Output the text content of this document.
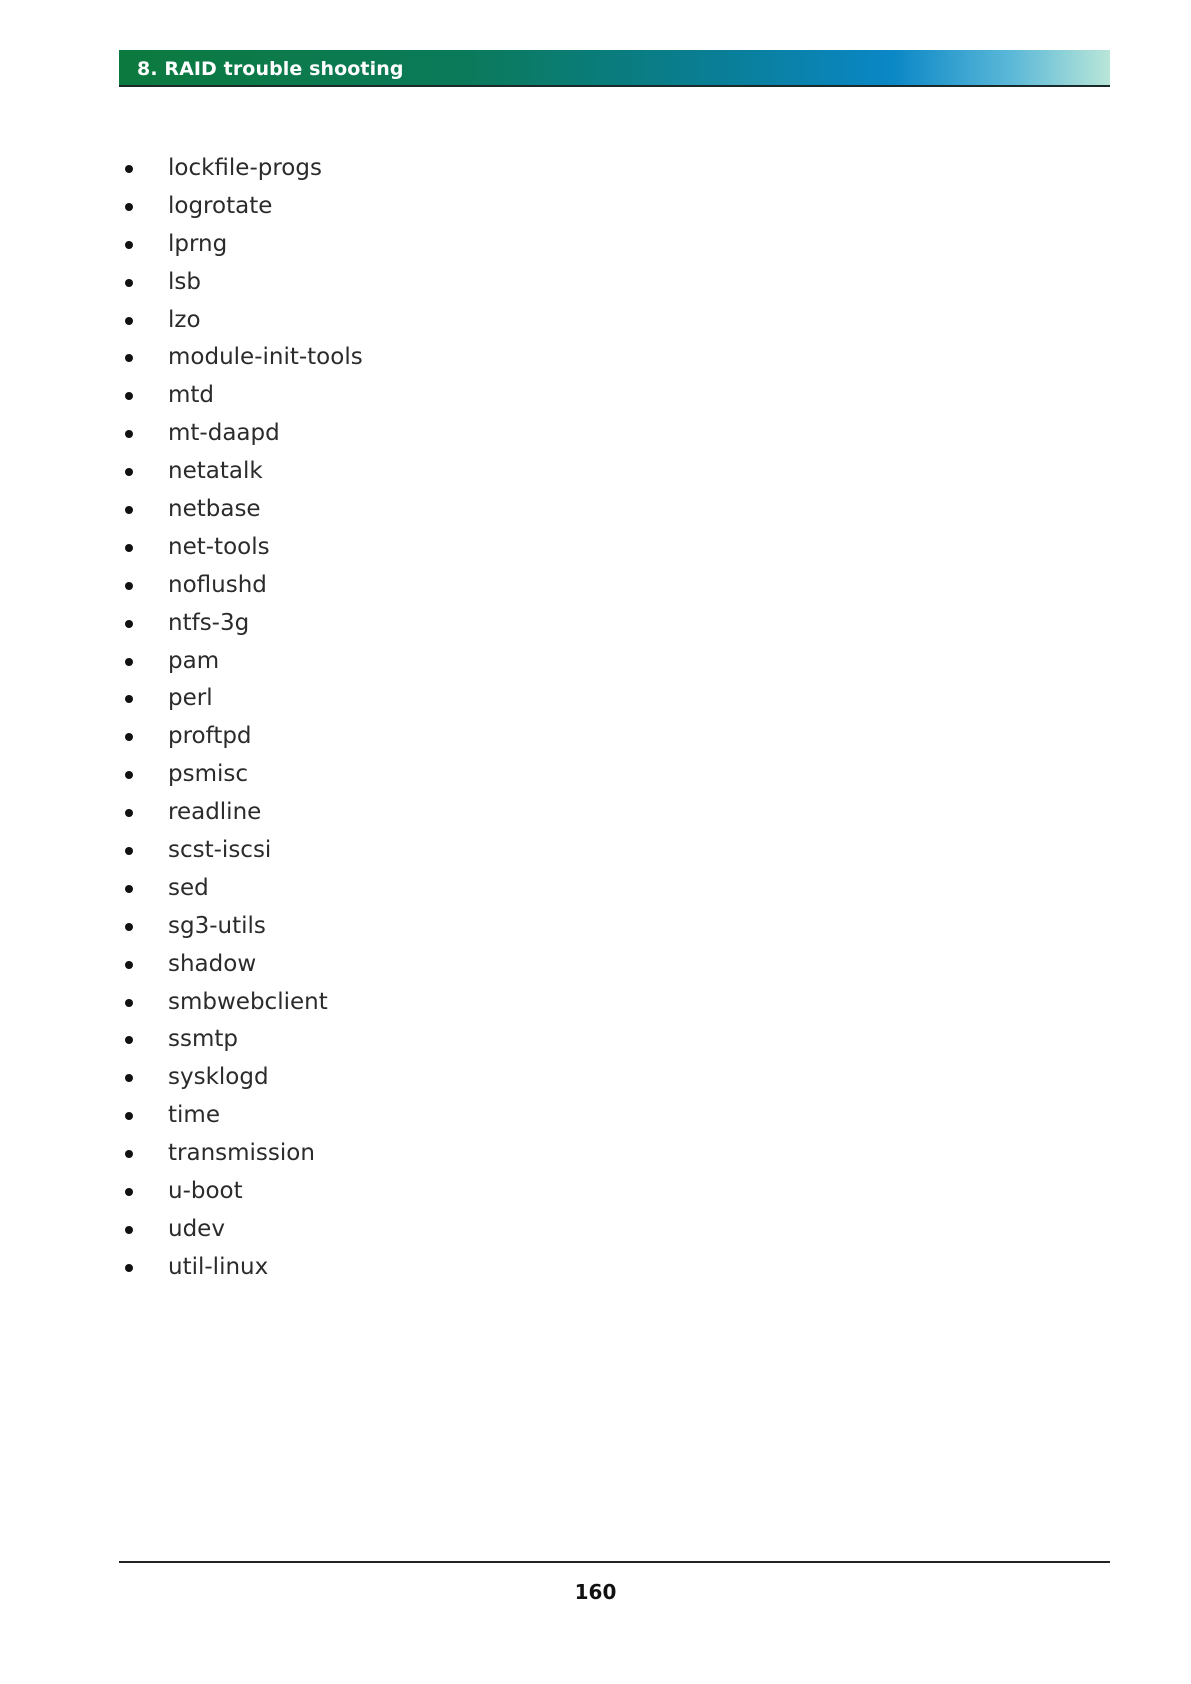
8. RAID trouble shooting
lockfile-progs
logrotate
lprng
lsb
lzo
module-init-tools
mtd
mt-daapd
netatalk
netbase
net-tools
noflushd
ntfs-3g
pam
perl
proftpd
psmisc
readline
scst-iscsi
sed
sg3-utils
shadow
smbwebclient
ssmtp
sysklogd
time
transmission
u-boot
udev
util-linux
160
